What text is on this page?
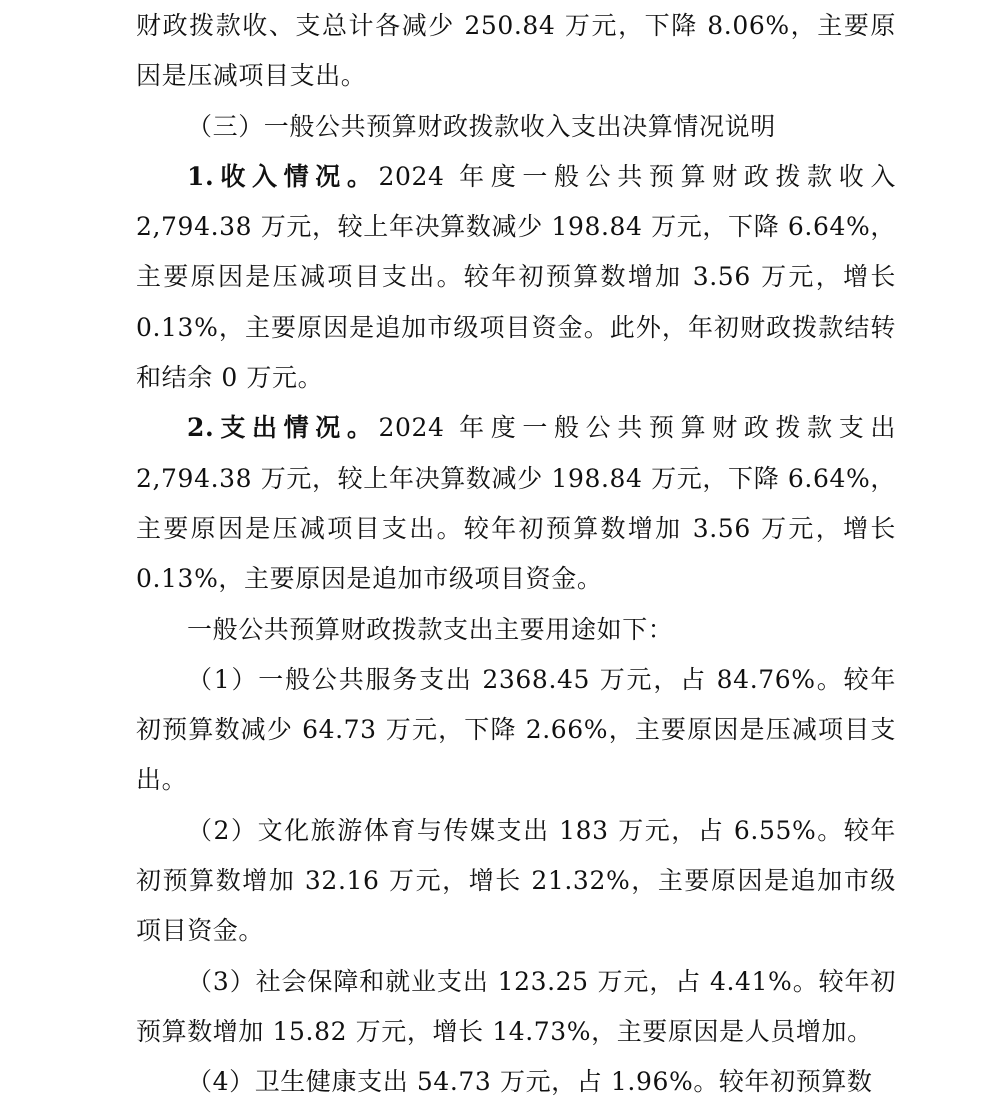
财政拨款收、支总计各减少 250.84 万元，下降 8.06%，主要原因是压减项目支出。

（三）一般公共预算财政拨款收入支出决算情况说明

1.收入情况。2024 年度一般公共预算财政拨款收入 2,794.38 万元，较上年决算数减少 198.84 万元，下降 6.64%，主要原因是压减项目支出。较年初预算数增加 3.56 万元，增长 0.13%，主要原因是追加市级项目资金。此外，年初财政拨款结转和结余 0 万元。

2.支出情况。2024 年度一般公共预算财政拨款支出 2,794.38 万元，较上年决算数减少 198.84 万元，下降 6.64%，主要原因是压减项目支出。较年初预算数增加 3.56 万元，增长 0.13%，主要原因是追加市级项目资金。

一般公共预算财政拨款支出主要用途如下：

（1）一般公共服务支出 2368.45 万元，占 84.76%。较年初预算数减少 64.73 万元，下降 2.66%，主要原因是压减项目支出。

（2）文化旅游体育与传媒支出 183 万元，占 6.55%。较年初预算数增加 32.16 万元，增长 21.32%，主要原因是追加市级项目资金。

（3）社会保障和就业支出 123.25 万元，占 4.41%。较年初预算数增加 15.82 万元，增长 14.73%，主要原因是人员增加。

（4）卫生健康支出 54.73 万元，占 1.96%。较年初预算数
